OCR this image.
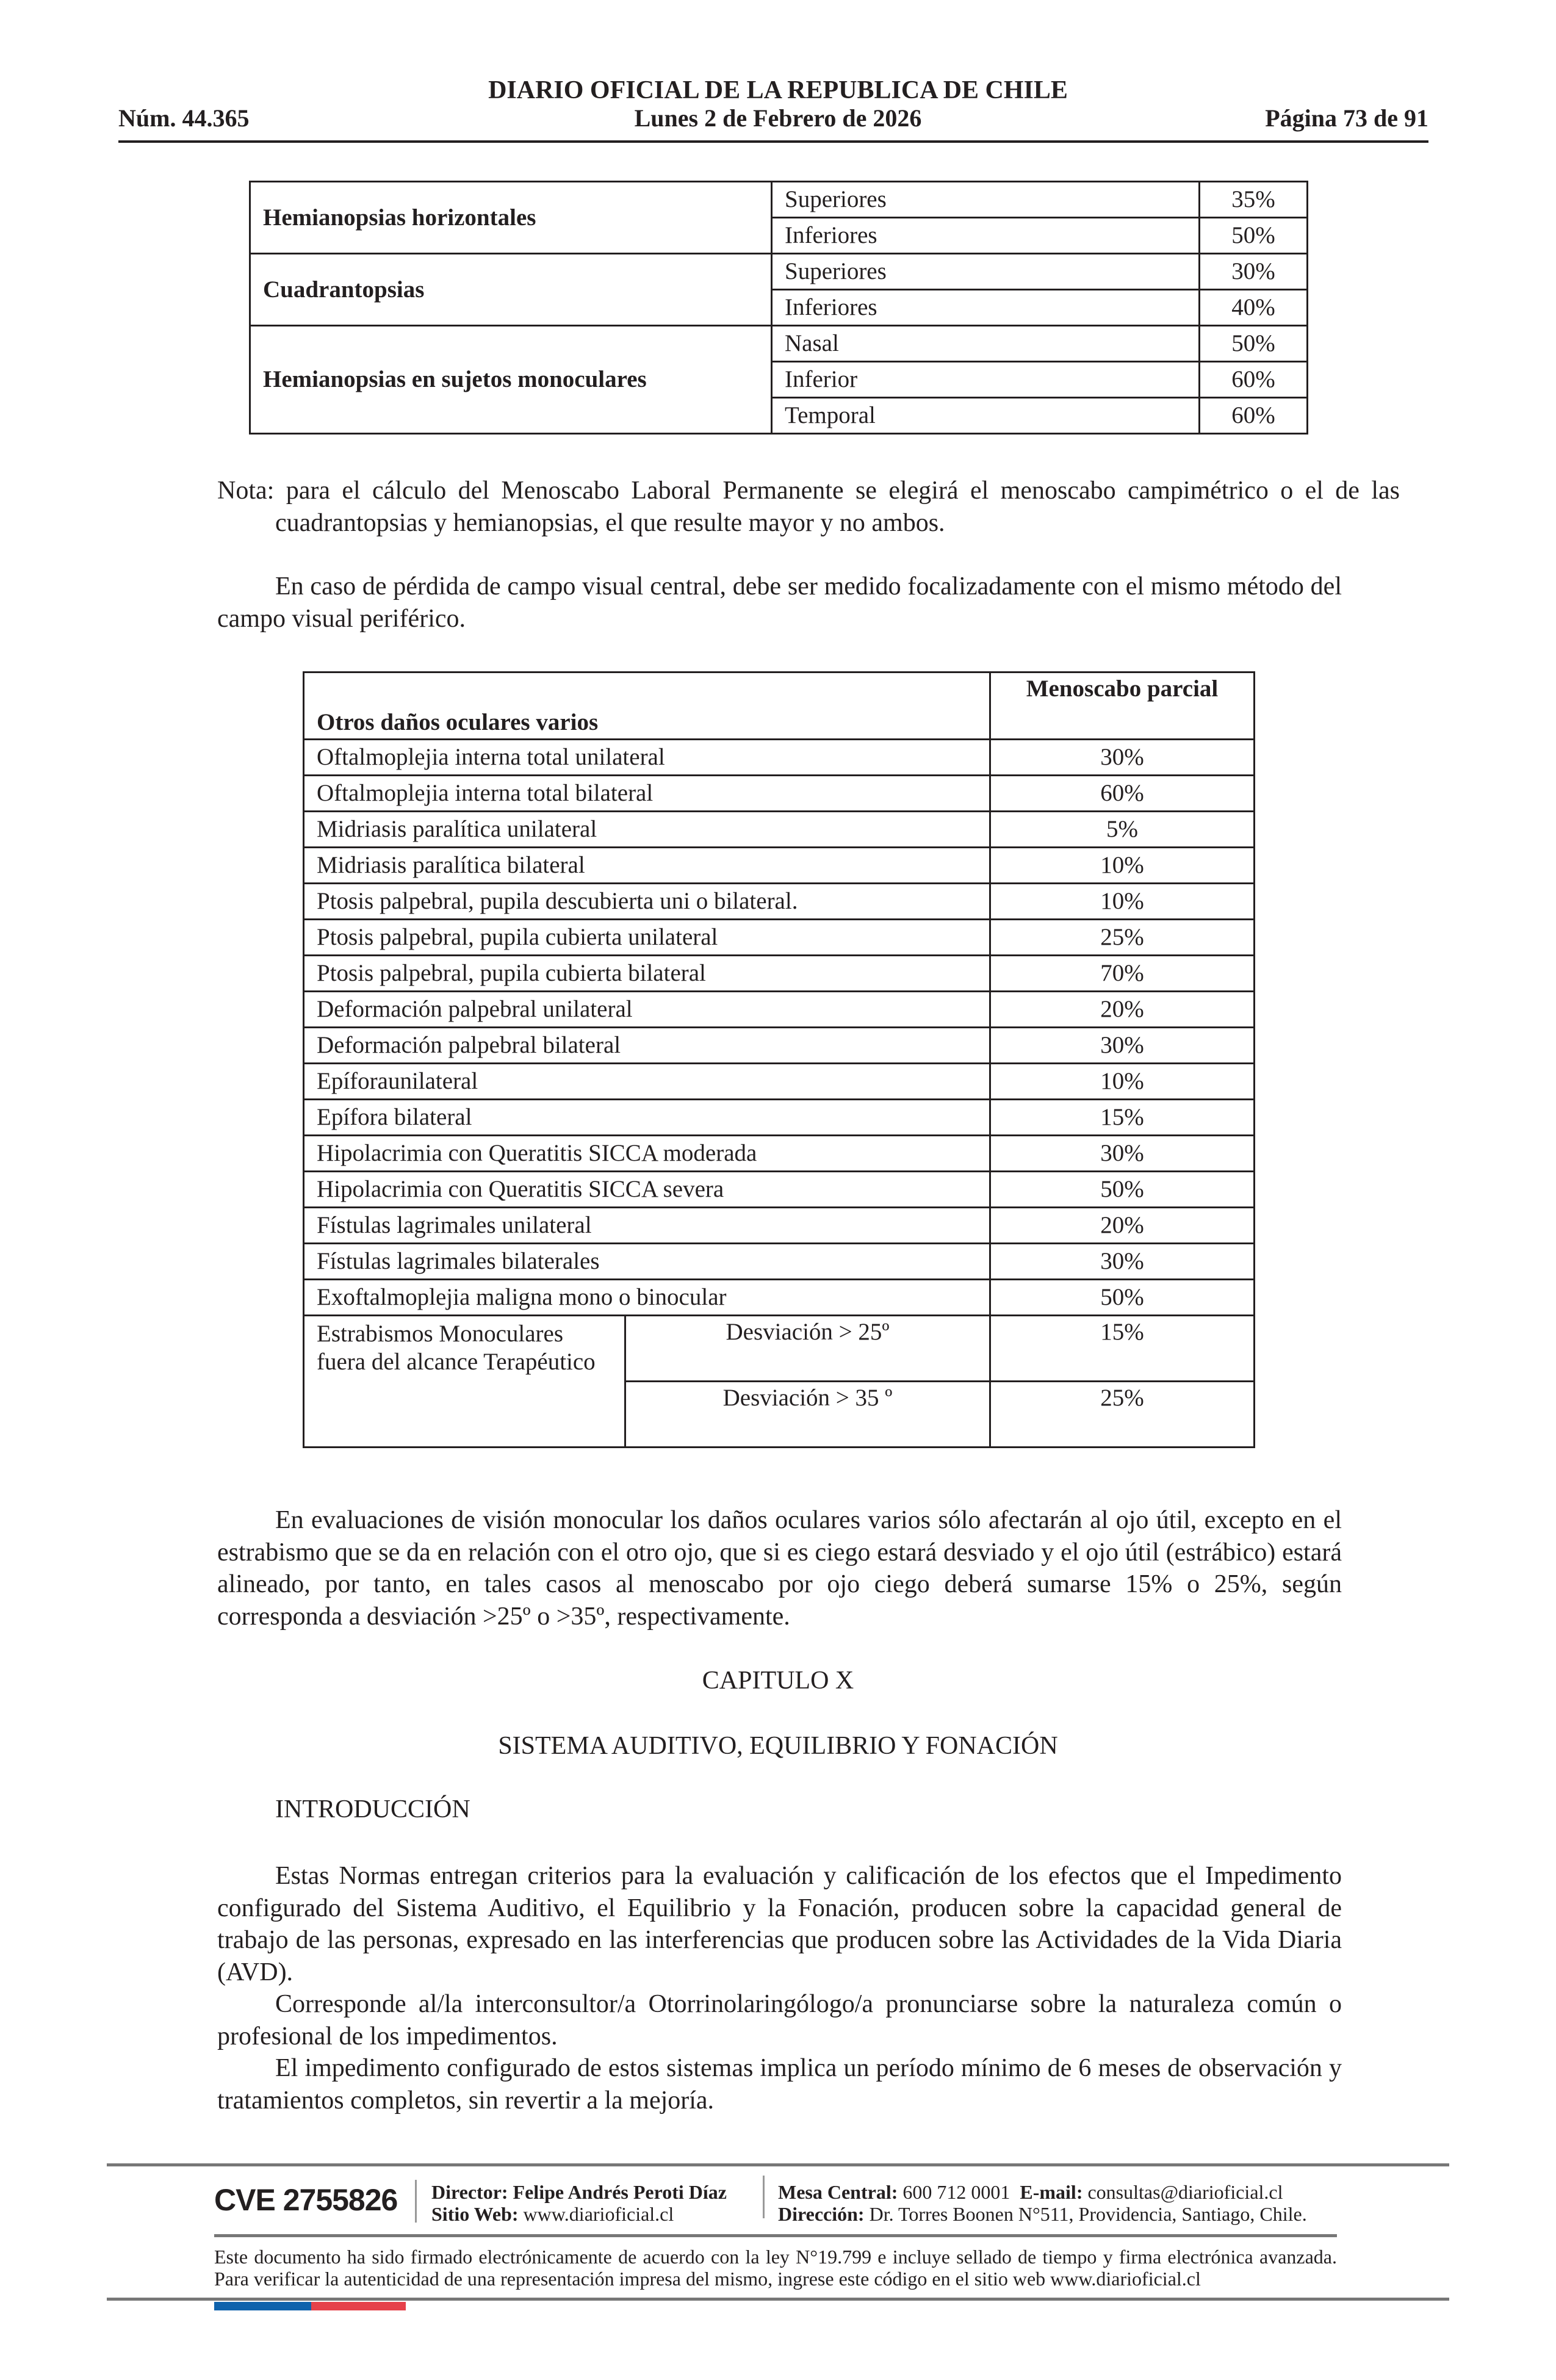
DIARIO OFICIAL DE LA REPUBLICA DE CHILE
Núm. 44.365	Lunes 2 de Febrero de 2026	Página 73 de 91
Hemianopsias horizontales	Superiores	35%
	Inferiores	50%
Cuadrantopsias	Superiores	30%
	Inferiores	40%
Hemianopsias en sujetos monoculares	Nasal	50%
	Inferior	60%
	Temporal	60%
Nota: para el cálculo del Menoscabo Laboral Permanente se elegirá el menoscabo campimétrico o el de las cuadrantopsias y hemianopsias, el que resulte mayor y no ambos.
En caso de pérdida de campo visual central, debe ser medido focalizadamente con el mismo método del campo visual periférico.
Otros daños oculares varios		Menoscabo parcial
Oftalmoplejia interna total unilateral		30%
Oftalmoplejia interna total bilateral		60%
Midriasis paralítica unilateral		5%
Midriasis paralítica bilateral		10%
Ptosis palpebral, pupila descubierta uni o bilateral.		10%
Ptosis palpebral, pupila cubierta unilateral		25%
Ptosis palpebral, pupila cubierta bilateral		70%
Deformación palpebral unilateral		20%
Deformación palpebral bilateral		30%
Epíforaunilateral		10%
Epífora bilateral		15%
Hipolacrimia con Queratitis SICCA moderada		30%
Hipolacrimia con Queratitis SICCA severa		50%
Fístulas lagrimales unilateral		20%
Fístulas lagrimales bilaterales		30%
Exoftalmoplejia maligna mono o binocular		50%
Estrabismos Monoculares fuera del alcance Terapéutico	Desviación > 25º	15%
	Desviación > 35 º	25%
En evaluaciones de visión monocular los daños oculares varios sólo afectarán al ojo útil, excepto en el estrabismo que se da en relación con el otro ojo, que si es ciego estará desviado y el ojo útil (estrábico) estará alineado, por tanto, en tales casos al menoscabo por ojo ciego deberá sumarse 15% o 25%, según corresponda a desviación >25º o >35º, respectivamente.
CAPITULO X
SISTEMA AUDITIVO, EQUILIBRIO Y FONACIÓN
INTRODUCCIÓN
Estas Normas entregan criterios para la evaluación y calificación de los efectos que el Impedimento configurado del Sistema Auditivo, el Equilibrio y la Fonación, producen sobre la capacidad general de trabajo de las personas, expresado en las interferencias que producen sobre las Actividades de la Vida Diaria (AVD).
Corresponde al/la interconsultor/a Otorrinolaringólogo/a pronunciarse sobre la naturaleza común o profesional de los impedimentos.
El impedimento configurado de estos sistemas implica un período mínimo de 6 meses de observación y tratamientos completos, sin revertir a la mejoría.
CVE 2755826 Director: Felipe Andrés Peroti Díaz
Sitio Web: www.diarioficial.cl
Mesa Central: 600 712 0001 E-mail: consultas@diarioficial.cl
Dirección: Dr. Torres Boonen N°511, Providencia, Santiago, Chile.
Este documento ha sido firmado electrónicamente de acuerdo con la ley N°19.799 e incluye sellado de tiempo y firma electrónica avanzada. Para verificar la autenticidad de una representación impresa del mismo, ingrese este código en el sitio web www.diarioficial.cl
